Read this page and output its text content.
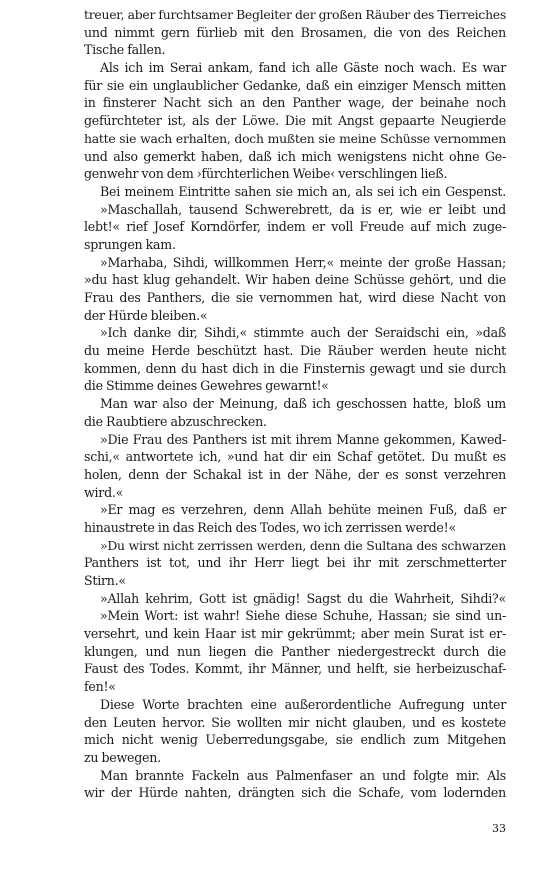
treuer, aber furchtsamer Begleiter der großen Räuber des Tierreiches
und nimmt gern fürlieb mit den Brosamen, die von des Reichen
Tische fallen.
Als ich im Serai ankam, fand ich alle Gäste noch wach. Es war
für sie ein unglaublicher Gedanke, daß ein einziger Mensch mitten
in finsterer Nacht sich an den Panther wage, der beinahe noch
gefürchteter ist, als der Löwe. Die mit Angst gepaarte Neugierde
hatte sie wach erhalten, doch mußten sie meine Schüsse vernommen
und also gemerkt haben, daß ich mich wenigstens nicht ohne Ge-
genwehr von dem ›fürchterlichen Weibe‹ verschlingen ließ.
Bei meinem Eintritte sahen sie mich an, als sei ich ein Gespenst.
»Maschallah, tausend Schwerebrett, da is er, wie er leibt und
lebt!« rief Josef Korndörfer, indem er voll Freude auf mich zuge-
sprungen kam.
»Marhaba, Sihdi, willkommen Herr,« meinte der große Hassan;
»du hast klug gehandelt. Wir haben deine Schüsse gehört, und die
Frau des Panthers, die sie vernommen hat, wird diese Nacht von
der Hürde bleiben.«
»Ich danke dir, Sihdi,« stimmte auch der Seraidschi ein, »daß
du meine Herde beschützt hast. Die Räuber werden heute nicht
kommen, denn du hast dich in die Finsternis gewagt und sie durch
die Stimme deines Gewehres gewarnt!«
Man war also der Meinung, daß ich geschossen hatte, bloß um
die Raubtiere abzuschrecken.
»Die Frau des Panthers ist mit ihrem Manne gekommen, Kawed-
schi,« antwortete ich, »und hat dir ein Schaf getötet. Du mußt es
holen, denn der Schakal ist in der Nähe, der es sonst verzehren
wird.«
»Er mag es verzehren, denn Allah behüte meinen Fuß, daß er
hinaustrete in das Reich des Todes, wo ich zerrissen werde!«
»Du wirst nicht zerrissen werden, denn die Sultana des schwarzen
Panthers ist tot, und ihr Herr liegt bei ihr mit zerschmetterter
Stirn.«
»Allah kehrim, Gott ist gnädig! Sagst du die Wahrheit, Sihdi?«
»Mein Wort: ist wahr! Siehe diese Schuhe, Hassan; sie sind un-
versehrt, und kein Haar ist mir gekrümmt; aber mein Surat ist er-
klungen, und nun liegen die Panther niedergestreckt durch die
Faust des Todes. Kommt, ihr Männer, und helft, sie herbeizuschaf-
fen!«
Diese Worte brachten eine außerordentliche Aufregung unter
den Leuten hervor. Sie wollten mir nicht glauben, und es kostete
mich nicht wenig Ueberredungsgabe, sie endlich zum Mitgehen
zu bewegen.
Man brannte Fackeln aus Palmenfaser an und folgte mir. Als
wir der Hürde nahten, drängten sich die Schafe, vom lodernden
33
